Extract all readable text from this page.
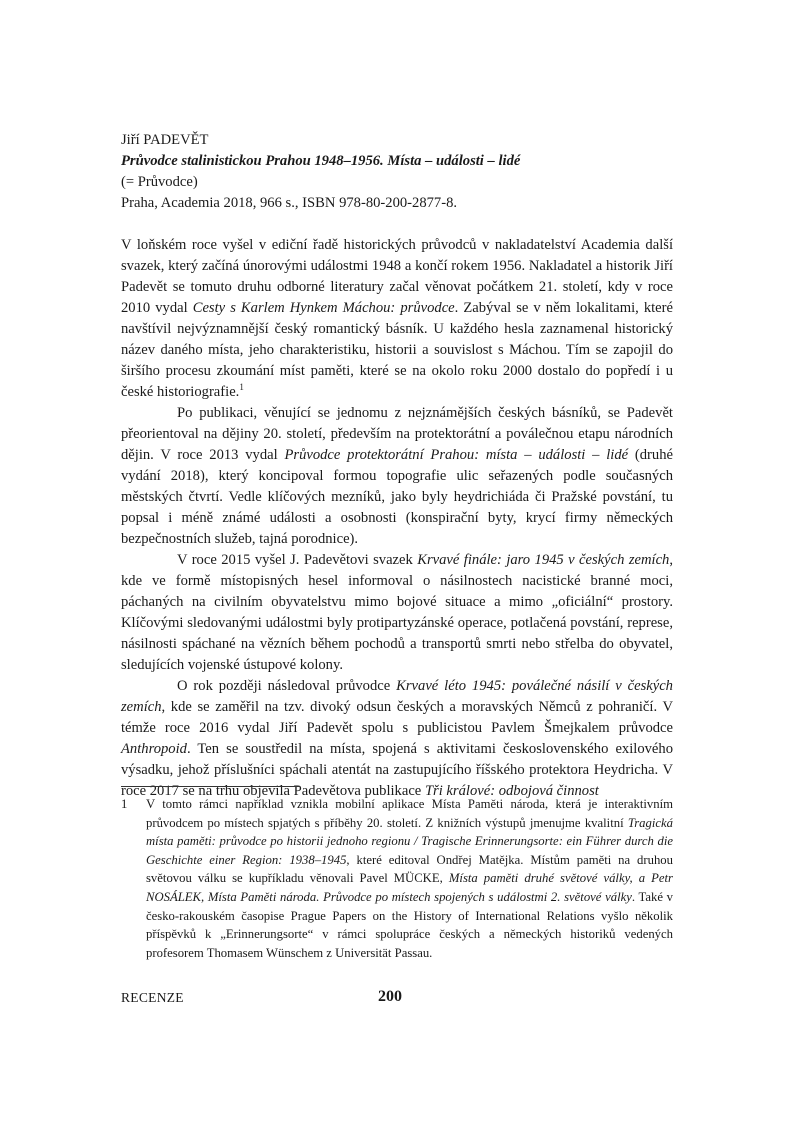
Jiří PADEVĚT
Průvodce stalinistickou Prahou 1948–1956. Místa – události – lidé
(= Průvodce)
Praha, Academia 2018, 966 s., ISBN 978-80-200-2877-8.

V loňském roce vyšel v ediční řadě historických průvodců v nakladatelství Academia další svazek, který začíná únorovými událostmi 1948 a končí rokem 1956. Nakladatel a historik Jiří Padevět se tomuto druhu odborné literatury začal věnovat počátkem 21. století, kdy v roce 2010 vydal Cesty s Karlem Hynkem Máchou: průvodce. Zabýval se v něm lokalitami, které navštívil nejvýznamnější český romantický básník. U každého hesla zaznamenal historický název daného místa, jeho charakteristiku, historii a souvislost s Máchou. Tím se zapojil do širšího procesu zkoumání míst paměti, které se na okolo roku 2000 dostalo do popředí i u české historiografie.$^1$

Po publikaci, věnující se jednomu z nejznámějších českých básníků, se Padevět přeorientoval na dějiny 20. století, především na protektorátní a poválečnou etapu národních dějin. V roce 2013 vydal Průvodce protektorátní Prahou: místa – události – lidé (druhé vydání 2018), který koncipoval formou topografie ulic seřazených podle současných městských čtvrtí. Vedle klíčových mezníků, jako byly heydrichiáda či Pražské povstání, tu popsal i méně známé události a osobnosti (konspirační byty, krycí firmy německých bezpečnostních služeb, tajná porodnice).

V roce 2015 vyšel J. Padevětovi svazek Krvavé finále: jaro 1945 v českých zemích, kde ve formě místopisných hesel informoval o násilnostech nacistické branné moci, páchaných na civilním obyvatelstvu mimo bojové situace a mimo „oficiální“ prostory. Klíčovými sledovanými událostmi byly protipartyzánské operace, potlačená povstání, represe, násilnosti spáchané na vězních během pochodů a transportů smrti nebo střelba do obyvatel, sledujících vojenské ústupové kolony.

O rok později následoval průvodce Krvavé léto 1945: poválečné násilí v českých zemích, kde se zaměřil na tzv. divoký odsun českých a moravských Němců z pohraničí. V témže roce 2016 vydal Jiří Padevět spolu s publicistou Pavlem Šmejkalem průvodce Anthropoid. Ten se soustředil na místa, spojená s aktivitami československého exilového výsadku, jehož příslušníci spáchali atentát na zastupujícího říšského protektora Heydricha. V roce 2017 se na trhu objevila Padevětova publikace Tři králové: odbojová činnost

1 V tomto rámci například vznikla mobilní aplikace Místa Paměti národa, která je interaktivním průvodcem po místech spjatých s příběhy 20. století. Z knižních výstupů jmenujme kvalitní Tragická místa paměti: průvodce po historii jednoho regionu / Tragische Erinnerungsorte: ein Führer durch die Geschichte einer Region: 1938–1945, které editoval Ondřej Matějka. Místům paměti na druhou světovou válku se kupříkladu věnovali Pavel MÜCKE, Místa paměti druhé světové války, a Petr NOSÁLEK, Místa Paměti národa. Průvodce po místech spojených s událostmi 2. světové války. Také v česko-rakouském časopise Prague Papers on the History of International Relations vyšlo několik příspěvků k „Erinnerungsorte“ v rámci spolupráce českých a německých historiků vedených profesorem Thomasem Wünschem z Universität Passau.
RECENZE	200
